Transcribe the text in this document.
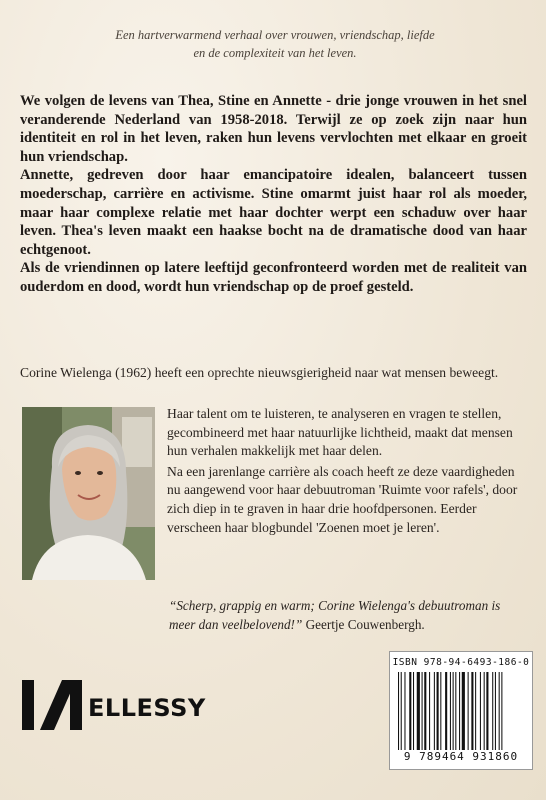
Een hartverwarmend verhaal over vrouwen, vriendschap, liefde
en de complexiteit van het leven.

We volgen de levens van Thea, Stine en Annette - drie jonge vrouwen in het snel veranderende Nederland van 1958-2018. Terwijl ze op zoek zijn naar hun identiteit en rol in het leven, raken hun levens vervlochten met elkaar en groeit hun vriendschap.

Annette, gedreven door haar emancipatoire idealen, balanceert tussen moederschap, carrière en activisme. Stine omarmt juist haar rol als moeder, maar haar complexe relatie met haar dochter werpt een schaduw over haar leven. Thea's leven maakt een haakse bocht na de dramatische dood van haar echtgenoot.

Als de vriendinnen op latere leeftijd geconfronteerd worden met de realiteit van ouderdom en dood, wordt hun vriendschap op de proef gesteld.

Corine Wielenga (1962) heeft een oprechte nieuwsgierigheid naar wat mensen beweegt.

Haar talent om te luisteren, te analyseren en vragen te stellen, gecombineerd met haar natuurlijke lichtheid, maakt dat mensen hun verhalen makkelijk met haar delen.

Na een jarenlange carrière als coach heeft ze deze vaardigheden nu aangewend voor haar debuutroman 'Ruimte voor rafels', door zich diep in te graven in haar drie hoofdpersonen. Eerder verscheen haar blogbundel 'Zoenen moet je leren'.

“Scherp, grappig en warm; Corine Wielenga's debuutroman is meer dan veelbelovend!” Geertje Couwenbergh.
ELLESSY
ISBN 978-94-6493-186-0
9 789464 931860
